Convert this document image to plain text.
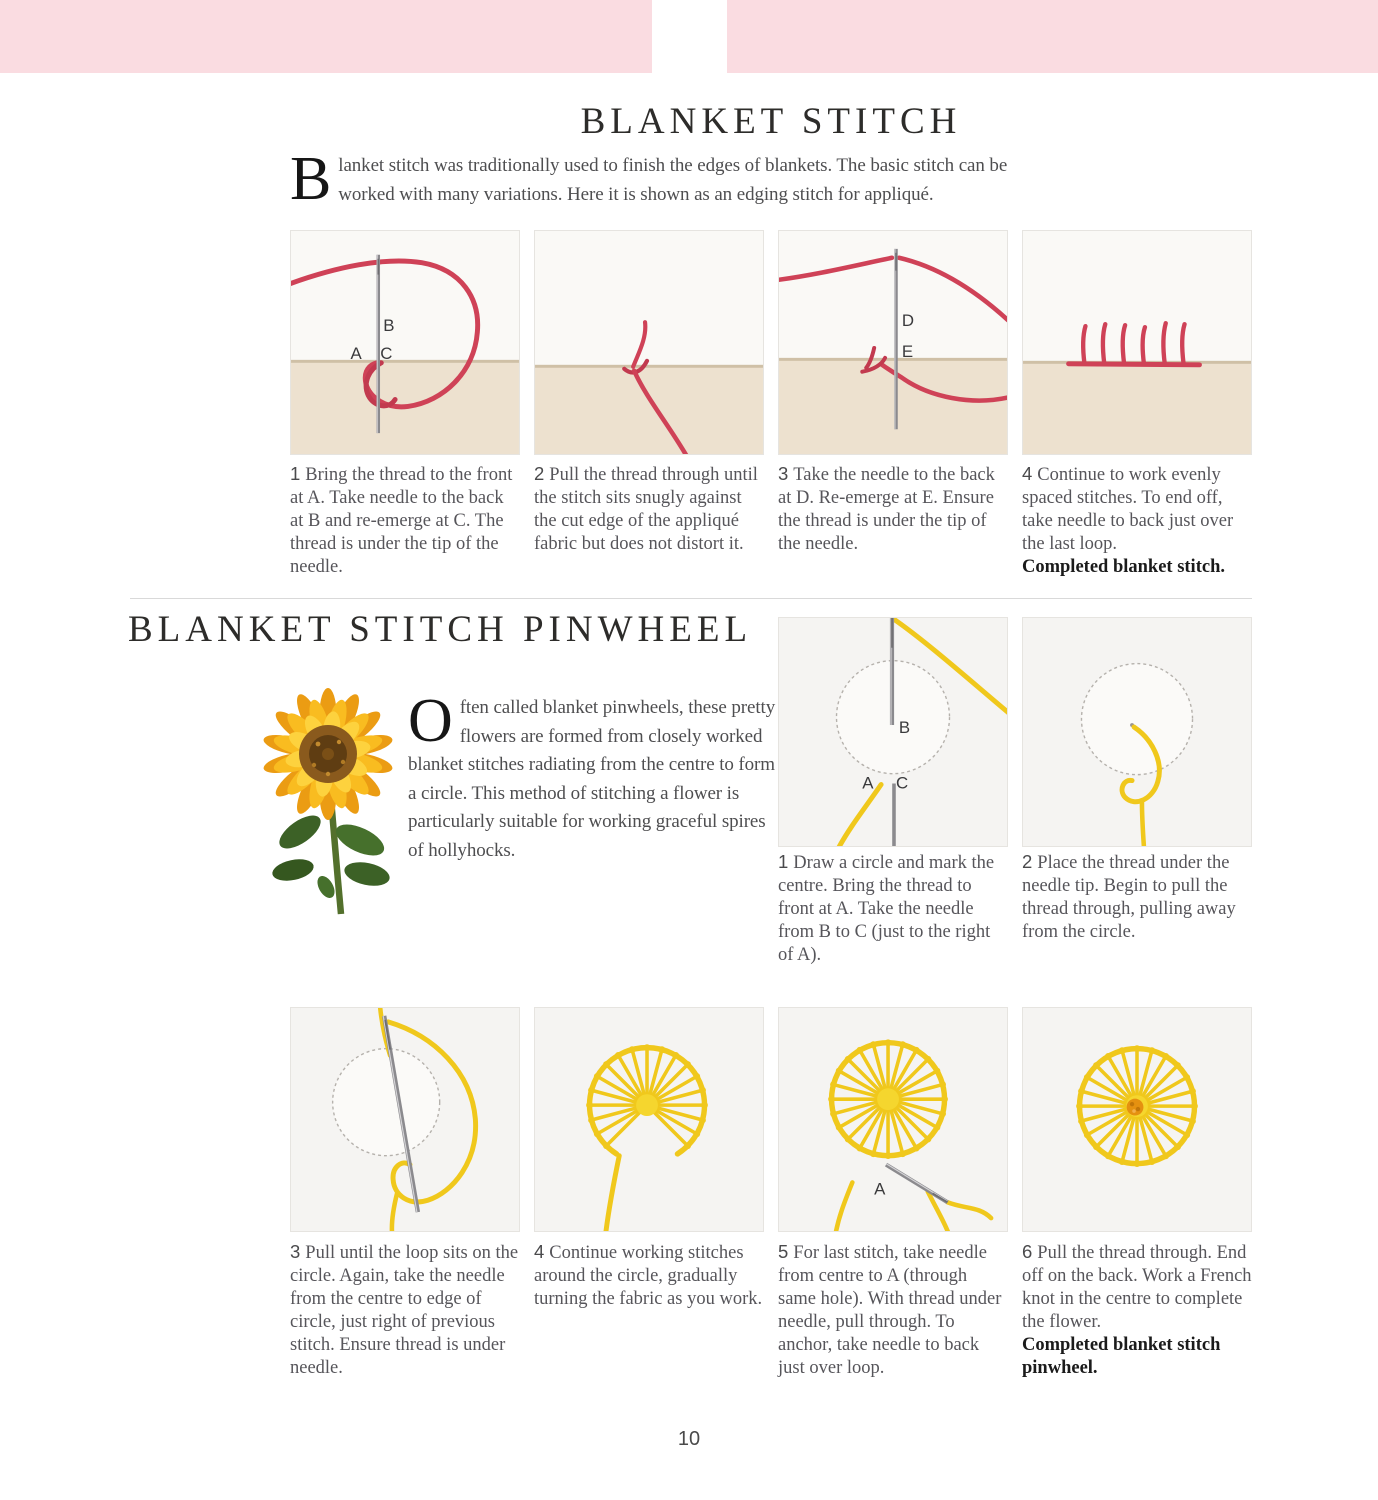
BLANKET STITCH
Blanket stitch was traditionally used to finish the edges of blankets. The basic stitch can be worked with many variations. Here it is shown as an edging stitch for appliqué.
B
A C
D
E
1 Bring the thread to the front at A. Take needle to the back at B and re-emerge at C. The thread is under the tip of the needle.
2 Pull the thread through until the stitch sits snugly against the cut edge of the appliqué fabric but does not distort it.
3 Take the needle to the back at D. Re-emerge at E. Ensure the thread is under the tip of the needle.
4 Continue to work evenly spaced stitches. To end off, take needle to back just over the last loop.
Completed blanket stitch.
BLANKET STITCH PINWHEEL
Often called blanket pinwheels, these pretty flowers are formed from closely worked blanket stitches radiating from the centre to form a circle. This method of stitching a flower is particularly suitable for working graceful spires of hollyhocks.
B
A C
1 Draw a circle and mark the centre. Bring the thread to front at A. Take the needle from B to C (just to the right of A).
2 Place the thread under the needle tip. Begin to pull the thread through, pulling away from the circle.
A
3 Pull until the loop sits on the circle. Again, take the needle from the centre to edge of circle, just right of previous stitch. Ensure thread is under needle.
4 Continue working stitches around the circle, gradually turning the fabric as you work.
5 For last stitch, take needle from centre to A (through same hole). With thread under needle, pull through. To anchor, take needle to back just over loop.
6 Pull the thread through. End off on the back. Work a French knot in the centre to complete the flower.
Completed blanket stitch pinwheel.
10
